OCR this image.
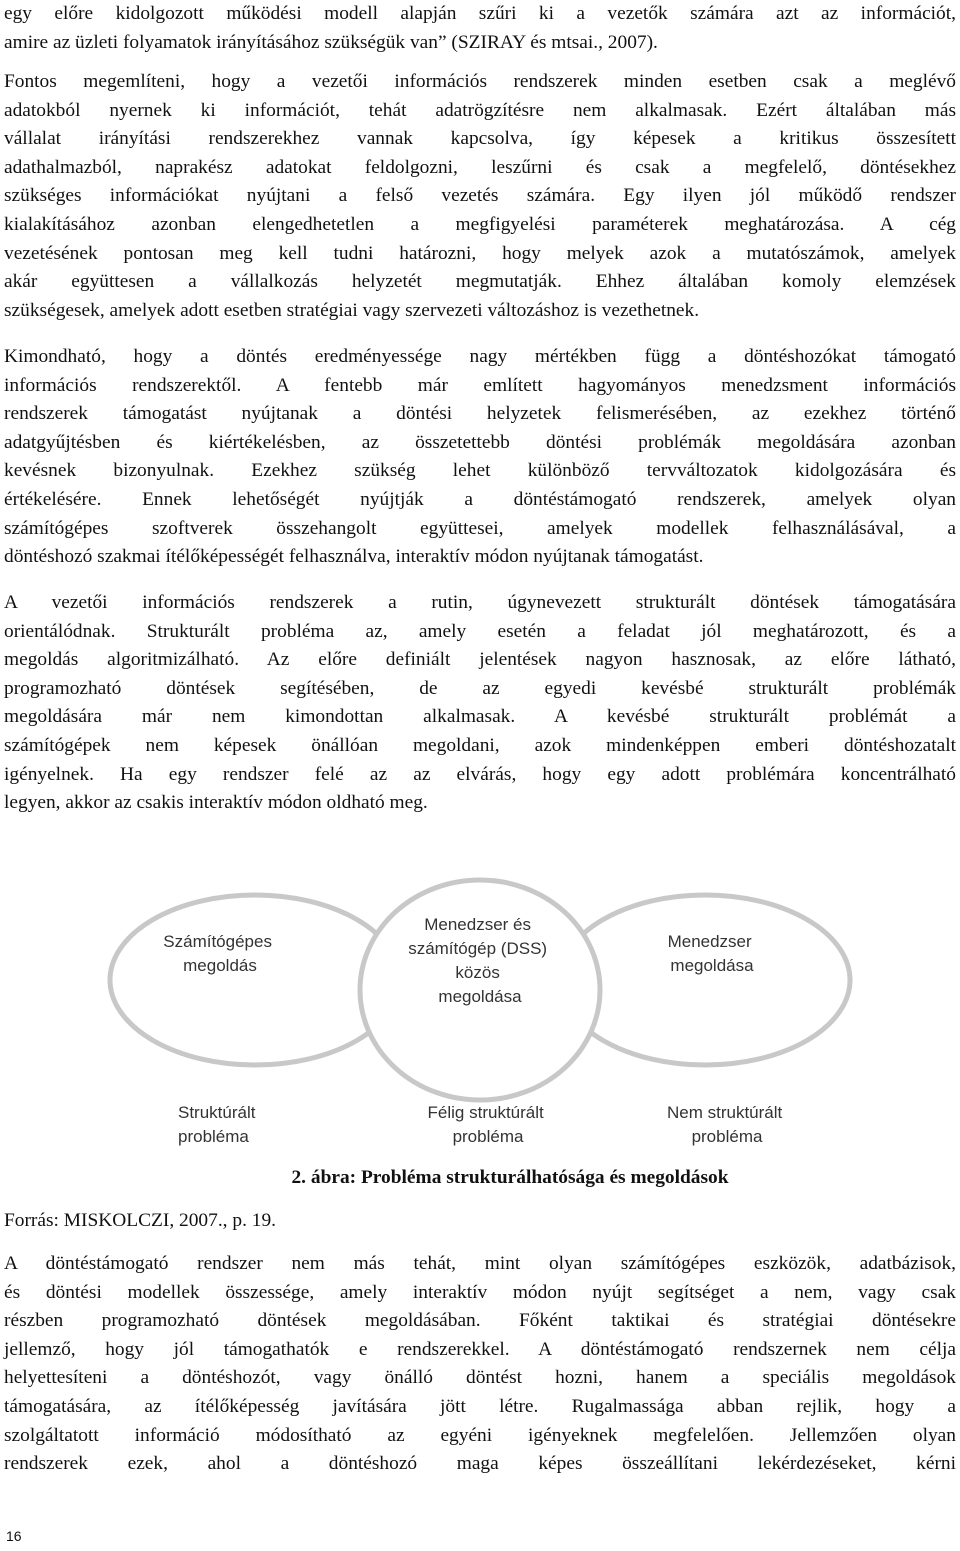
egy előre kidolgozott működési modell alapján szűri ki a vezetők számára azt az információt,
amire az üzleti folyamatok irányításához szükségük van” (SZIRAY és mtsai., 2007).

Fontos megemlíteni, hogy a vezetői információs rendszerek minden esetben csak a meglévő
adatokból nyernek ki információt, tehát adatrögzítésre nem alkalmasak. Ezért általában más
vállalat irányítási rendszerekhez vannak kapcsolva, így képesek a kritikus összesített
adathalmazból, naprakész adatokat feldolgozni, leszűrni és csak a megfelelő, döntésekhez
szükséges információkat nyújtani a felső vezetés számára. Egy ilyen jól működő rendszer
kialakításához azonban elengedhetetlen a megfigyelési paraméterek meghatározása. A cég
vezetésének pontosan meg kell tudni határozni, hogy melyek azok a mutatószámok, amelyek
akár együttesen a vállalkozás helyzetét megmutatják. Ehhez általában komoly elemzések
szükségesek, amelyek adott esetben stratégiai vagy szervezeti változáshoz is vezethetnek.

Kimondható, hogy a döntés eredményessége nagy mértékben függ a döntéshozókat támogató
információs rendszerektől. A fentebb már említett hagyományos menedzsment információs
rendszerek támogatást nyújtanak a döntési helyzetek felismerésében, az ezekhez történő
adatgyűjtésben és kiértékelésben, az összetettebb döntési problémák megoldására azonban
kevésnek bizonyulnak. Ezekhez szükség lehet különböző tervváltozatok kidolgozására és
értékelésére. Ennek lehetőségét nyújtják a döntéstámogató rendszerek, amelyek olyan
számítógépes szoftverek összehangolt együttesei, amelyek modellek felhasználásával, a
döntéshozó szakmai ítélőképességét felhasználva, interaktív módon nyújtanak támogatást.

A vezetői információs rendszerek a rutin, úgynevezett strukturált döntések támogatására
orientálódnak. Strukturált probléma az, amely esetén a feladat jól meghatározott, és a
megoldás algoritmizálható. Az előre definiált jelentések nagyon hasznosak, az előre látható,
programozható döntések segítésében, de az egyedi kevésbé strukturált problémák
megoldására már nem kimondottan alkalmasak. A kevésbé strukturált problémát a
számítógépek nem képesek önállóan megoldani, azok mindenképpen emberi döntéshozatalt
igényelnek. Ha egy rendszer felé az az elvárás, hogy egy adott problémára koncentrálható
legyen, akkor az csakis interaktív módon oldható meg.

Számítógépes megoldás
Menedzser és számítógép (DSS) közös megoldása
Menedzser megoldása
Struktúrált probléma
Félig struktúrált probléma
Nem struktúrált probléma
2. ábra: Probléma strukturálhatósága és megoldások
Forrás: MISKOLCZI, 2007., p. 19.

A döntéstámogató rendszer nem más tehát, mint olyan számítógépes eszközök, adatbázisok,
és döntési modellek összessége, amely interaktív módon nyújt segítséget a nem, vagy csak
részben programozható döntések megoldásában. Főként taktikai és stratégiai döntésekre
jellemző, hogy jól támogathatók e rendszerekkel. A döntéstámogató rendszernek nem célja
helyettesíteni a döntéshozót, vagy önálló döntést hozni, hanem a speciális megoldások
támogatására, az ítélőképesség javítására jött létre. Rugalmassága abban rejlik, hogy a
szolgáltatott információ módosítható az egyéni igényeknek megfelelően. Jellemzően olyan
rendszerek ezek, ahol a döntéshozó maga képes összeállítani lekérdezéseket, kérni

16
